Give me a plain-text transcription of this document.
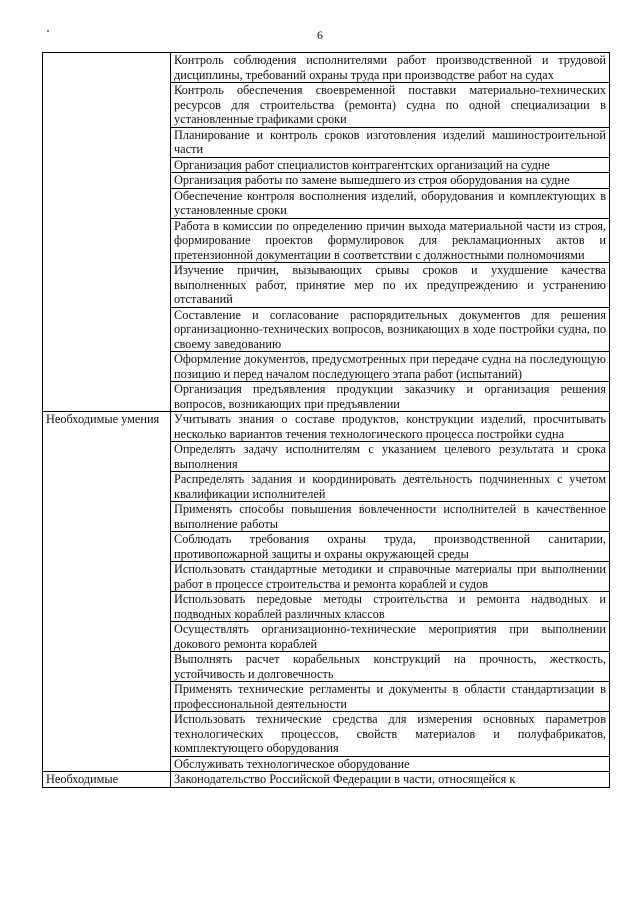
6
	Контроль соблюдения исполнителями работ производственной и трудовой дисциплины, требований охраны труда при производстве работ на судах
	Контроль обеспечения своевременной поставки материально-технических ресурсов для строительства (ремонта) судна по одной специализации в установленные графиками сроки
	Планирование и контроль сроков изготовления изделий машиностроительной части
	Организация работ специалистов контрагентских организаций на судне
	Организация работы по замене вышедшего из строя оборудования на судне
	Обеспечение контроля восполнения изделий, оборудования и комплектующих в установленные сроки
	Работа в комиссии по определению причин выхода материальной части из строя, формирование проектов формулировок для рекламационных актов и претензионной документации в соответствии с должностными полномочиями
	Изучение причин, вызывающих срывы сроков и ухудшение качества выполненных работ, принятие мер по их предупреждению и устранению отставаний
	Составление и согласование распорядительных документов для решения организационно-технических вопросов, возникающих в ходе постройки судна, по своему заведованию
	Оформление документов, предусмотренных при передаче судна на последующую позицию и перед началом последующего этапа работ (испытаний)
	Организация предъявления продукции заказчику и организация решения вопросов, возникающих при предъявлении
Необходимые умения	Учитывать знания о составе продуктов, конструкции изделий, просчитывать несколько вариантов течения технологического процесса постройки судна
	Определять задачу исполнителям с указанием целевого результата и срока выполнения
	Распределять задания и координировать деятельность подчиненных с учетом квалификации исполнителей
	Применять способы повышения вовлеченности исполнителей в качественное выполнение работы
	Соблюдать требования охраны труда, производственной санитарии, противопожарной защиты и охраны окружающей среды
	Использовать стандартные методики и справочные материалы при выполнении работ в процессе строительства и ремонта кораблей и судов
	Использовать передовые методы строительства и ремонта надводных и подводных кораблей различных классов
	Осуществлять организационно-технические мероприятия при выполнении докового ремонта кораблей
	Выполнять расчет корабельных конструкций на прочность, жесткость, устойчивость и долговечность
	Применять технические регламенты и документы в области стандартизации в профессиональной деятельности
	Использовать технические средства для измерения основных параметров технологических процессов, свойств материалов и полуфабрикатов, комплектующего оборудования
	Обслуживать технологическое оборудование
Необходимые	Законодательство Российской Федерации в части, относящейся к
